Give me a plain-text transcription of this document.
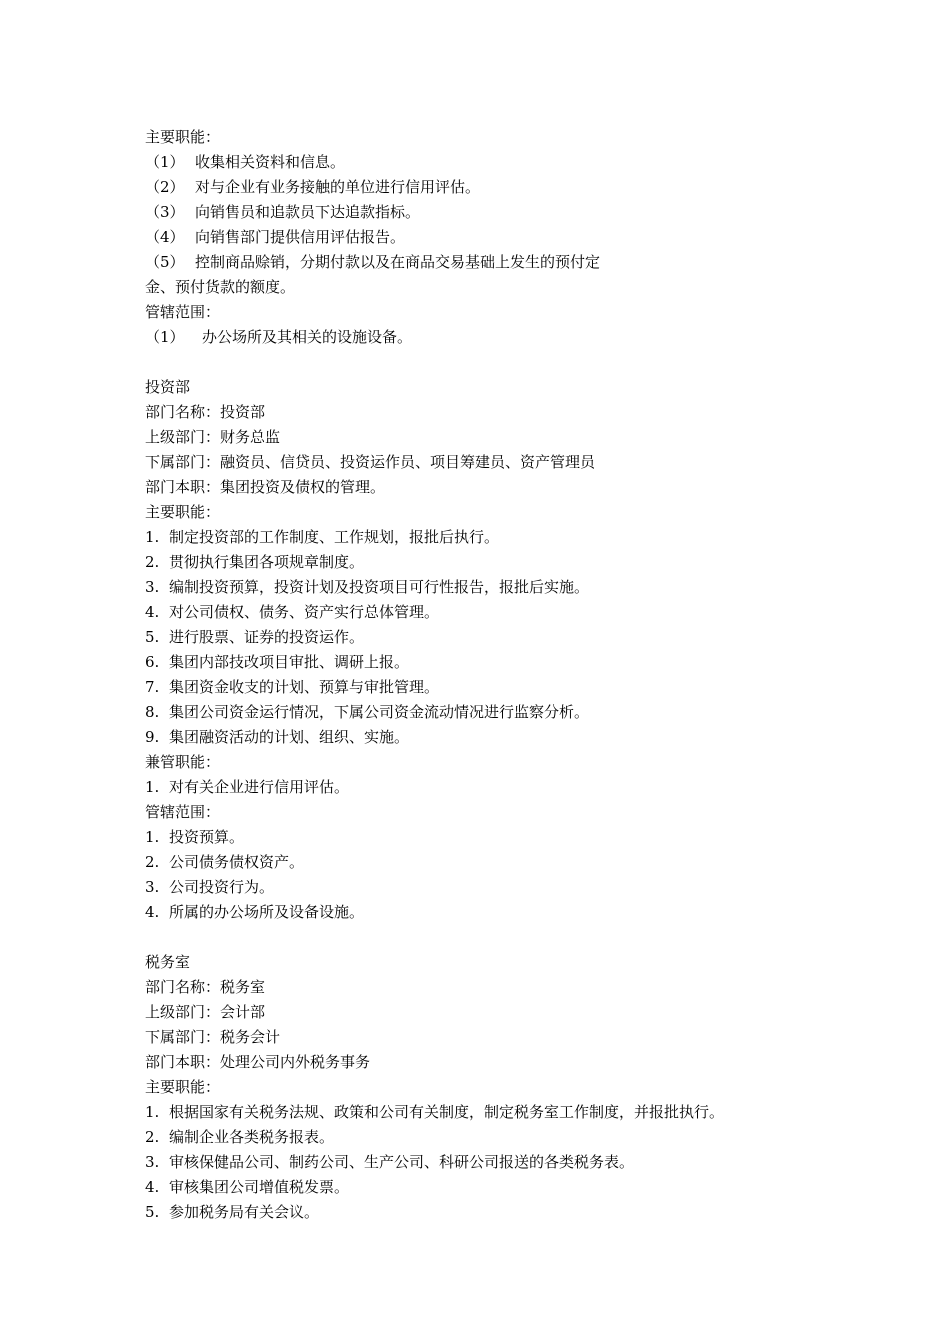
主要职能：
（1） 收集相关资料和信息。
（2） 对与企业有业务接触的单位进行信用评估。
（3） 向销售员和追款员下达追款指标。
（4） 向销售部门提供信用评估报告。
（5） 控制商品赊销，分期付款以及在商品交易基础上发生的预付定
金、预付货款的额度。
管辖范围：
（1） 办公场所及其相关的设施设备。
投资部
部门名称：投资部
上级部门：财务总监
下属部门：融资员、信贷员、投资运作员、项目筹建员、资产管理员
部门本职：集团投资及债权的管理。
主要职能：
1. 制定投资部的工作制度、工作规划，报批后执行。
2. 贯彻执行集团各项规章制度。
3. 编制投资预算，投资计划及投资项目可行性报告，报批后实施。
4. 对公司债权、债务、资产实行总体管理。
5. 进行股票、证券的投资运作。
6. 集团内部技改项目审批、调研上报。
7. 集团资金收支的计划、预算与审批管理。
8. 集团公司资金运行情况，下属公司资金流动情况进行监察分析。
9. 集团融资活动的计划、组织、实施。
兼管职能：
1. 对有关企业进行信用评估。
管辖范围：
1. 投资预算。
2. 公司债务债权资产。
3. 公司投资行为。
4. 所属的办公场所及设备设施。
税务室
部门名称：税务室
上级部门：会计部
下属部门：税务会计
部门本职：处理公司内外税务事务
主要职能：
1. 根据国家有关税务法规、政策和公司有关制度，制定税务室工作制度，并报批执行。
2. 编制企业各类税务报表。
3. 审核保健品公司、制药公司、生产公司、科研公司报送的各类税务表。
4. 审核集团公司增值税发票。
5. 参加税务局有关会议。
